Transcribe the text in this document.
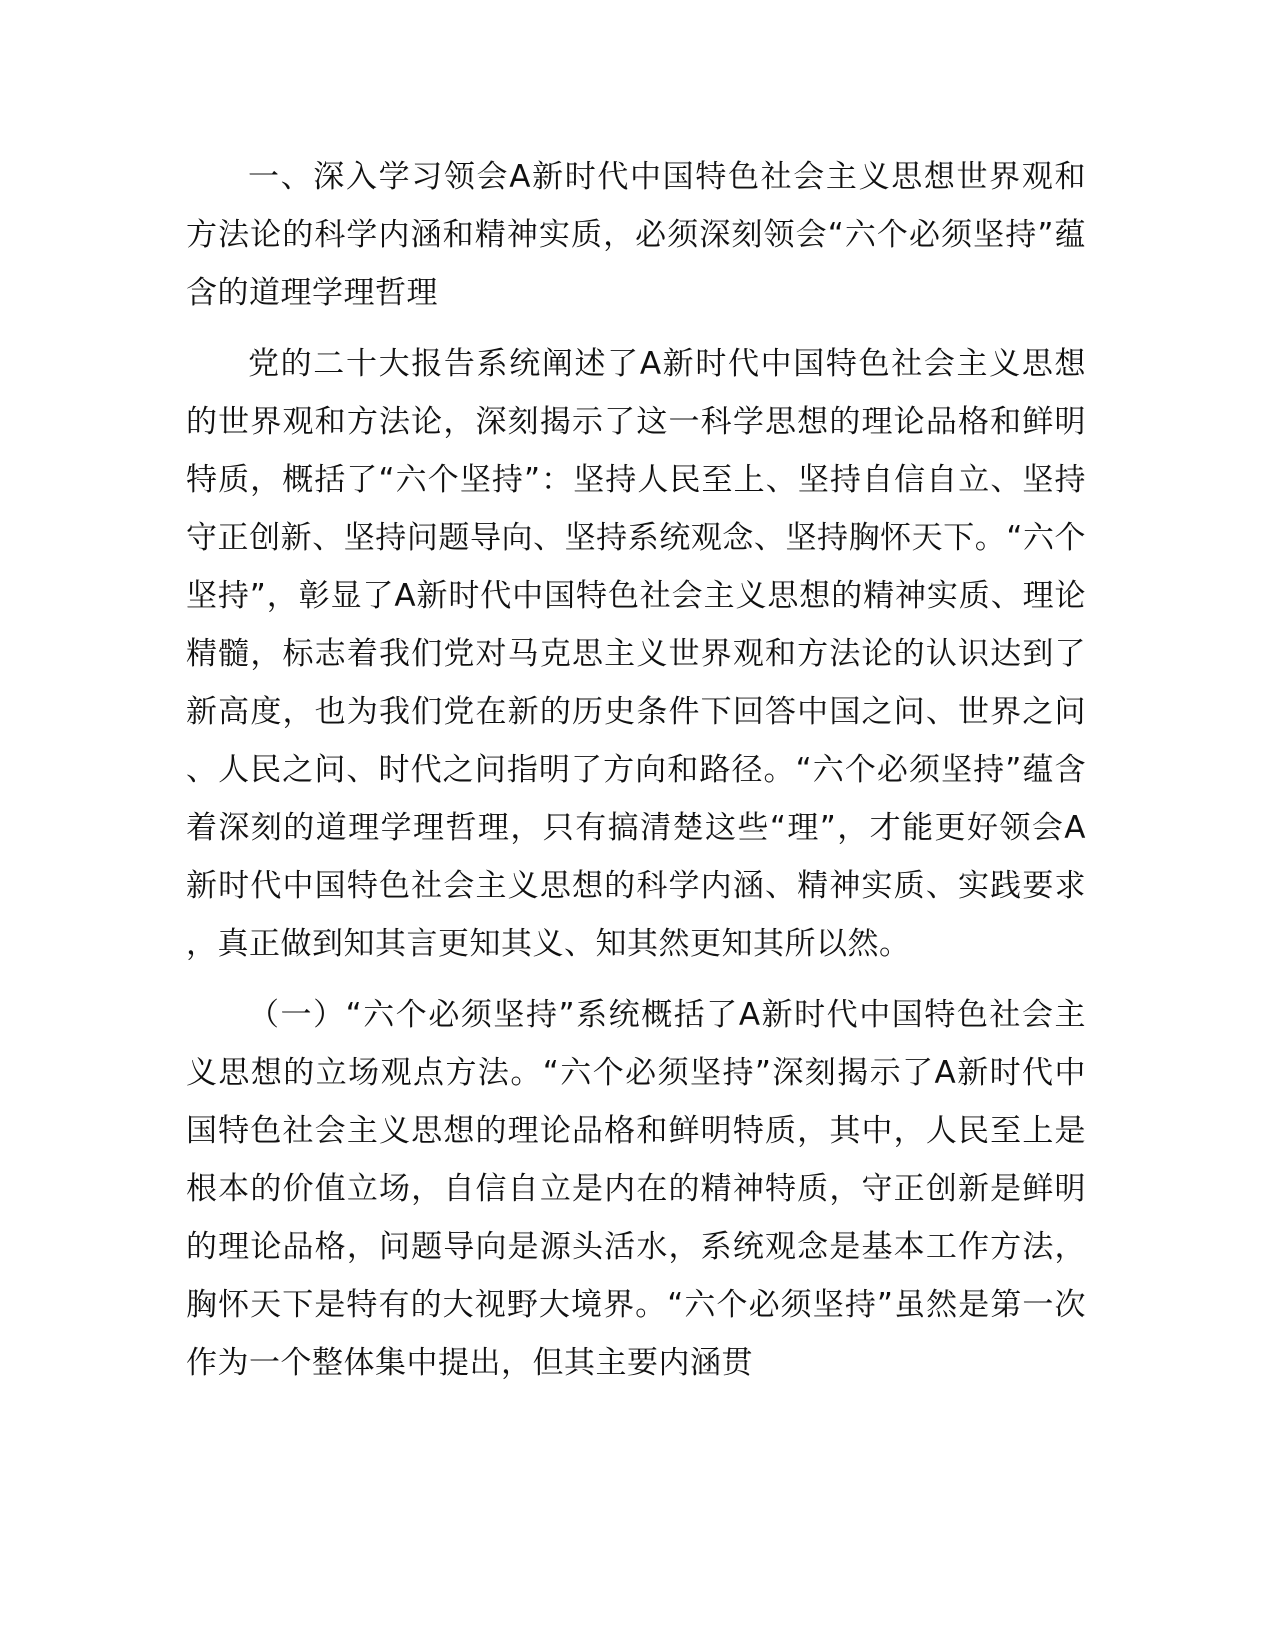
一、深入学习领会A新时代中国特色社会主义思想世界观和方法论的科学内涵和精神实质，必须深刻领会“六个必须坚持”蕴含的道理学理哲理

党的二十大报告系统阐述了A新时代中国特色社会主义思想的世界观和方法论，深刻揭示了这一科学思想的理论品格和鲜明特质，概括了“六个坚持”：坚持人民至上、坚持自信自立、坚持守正创新、坚持问题导向、坚持系统观念、坚持胸怀天下。“六个坚持”，彰显了A新时代中国特色社会主义思想的精神实质、理论精髓，标志着我们党对马克思主义世界观和方法论的认识达到了新高度，也为我们党在新的历史条件下回答中国之问、世界之问、人民之问、时代之问指明了方向和路径。“六个必须坚持”蕴含着深刻的道理学理哲理，只有搞清楚这些“理”，才能更好领会A新时代中国特色社会主义思想的科学内涵、精神实质、实践要求，真正做到知其言更知其义、知其然更知其所以然。

（一）“六个必须坚持”系统概括了A新时代中国特色社会主义思想的立场观点方法。“六个必须坚持”深刻揭示了A新时代中国特色社会主义思想的理论品格和鲜明特质，其中，人民至上是根本的价值立场，自信自立是内在的精神特质，守正创新是鲜明的理论品格，问题导向是源头活水，系统观念是基本工作方法，胸怀天下是特有的大视野大境界。“六个必须坚持”虽然是第一次作为一个整体集中提出，但其主要内涵贯
